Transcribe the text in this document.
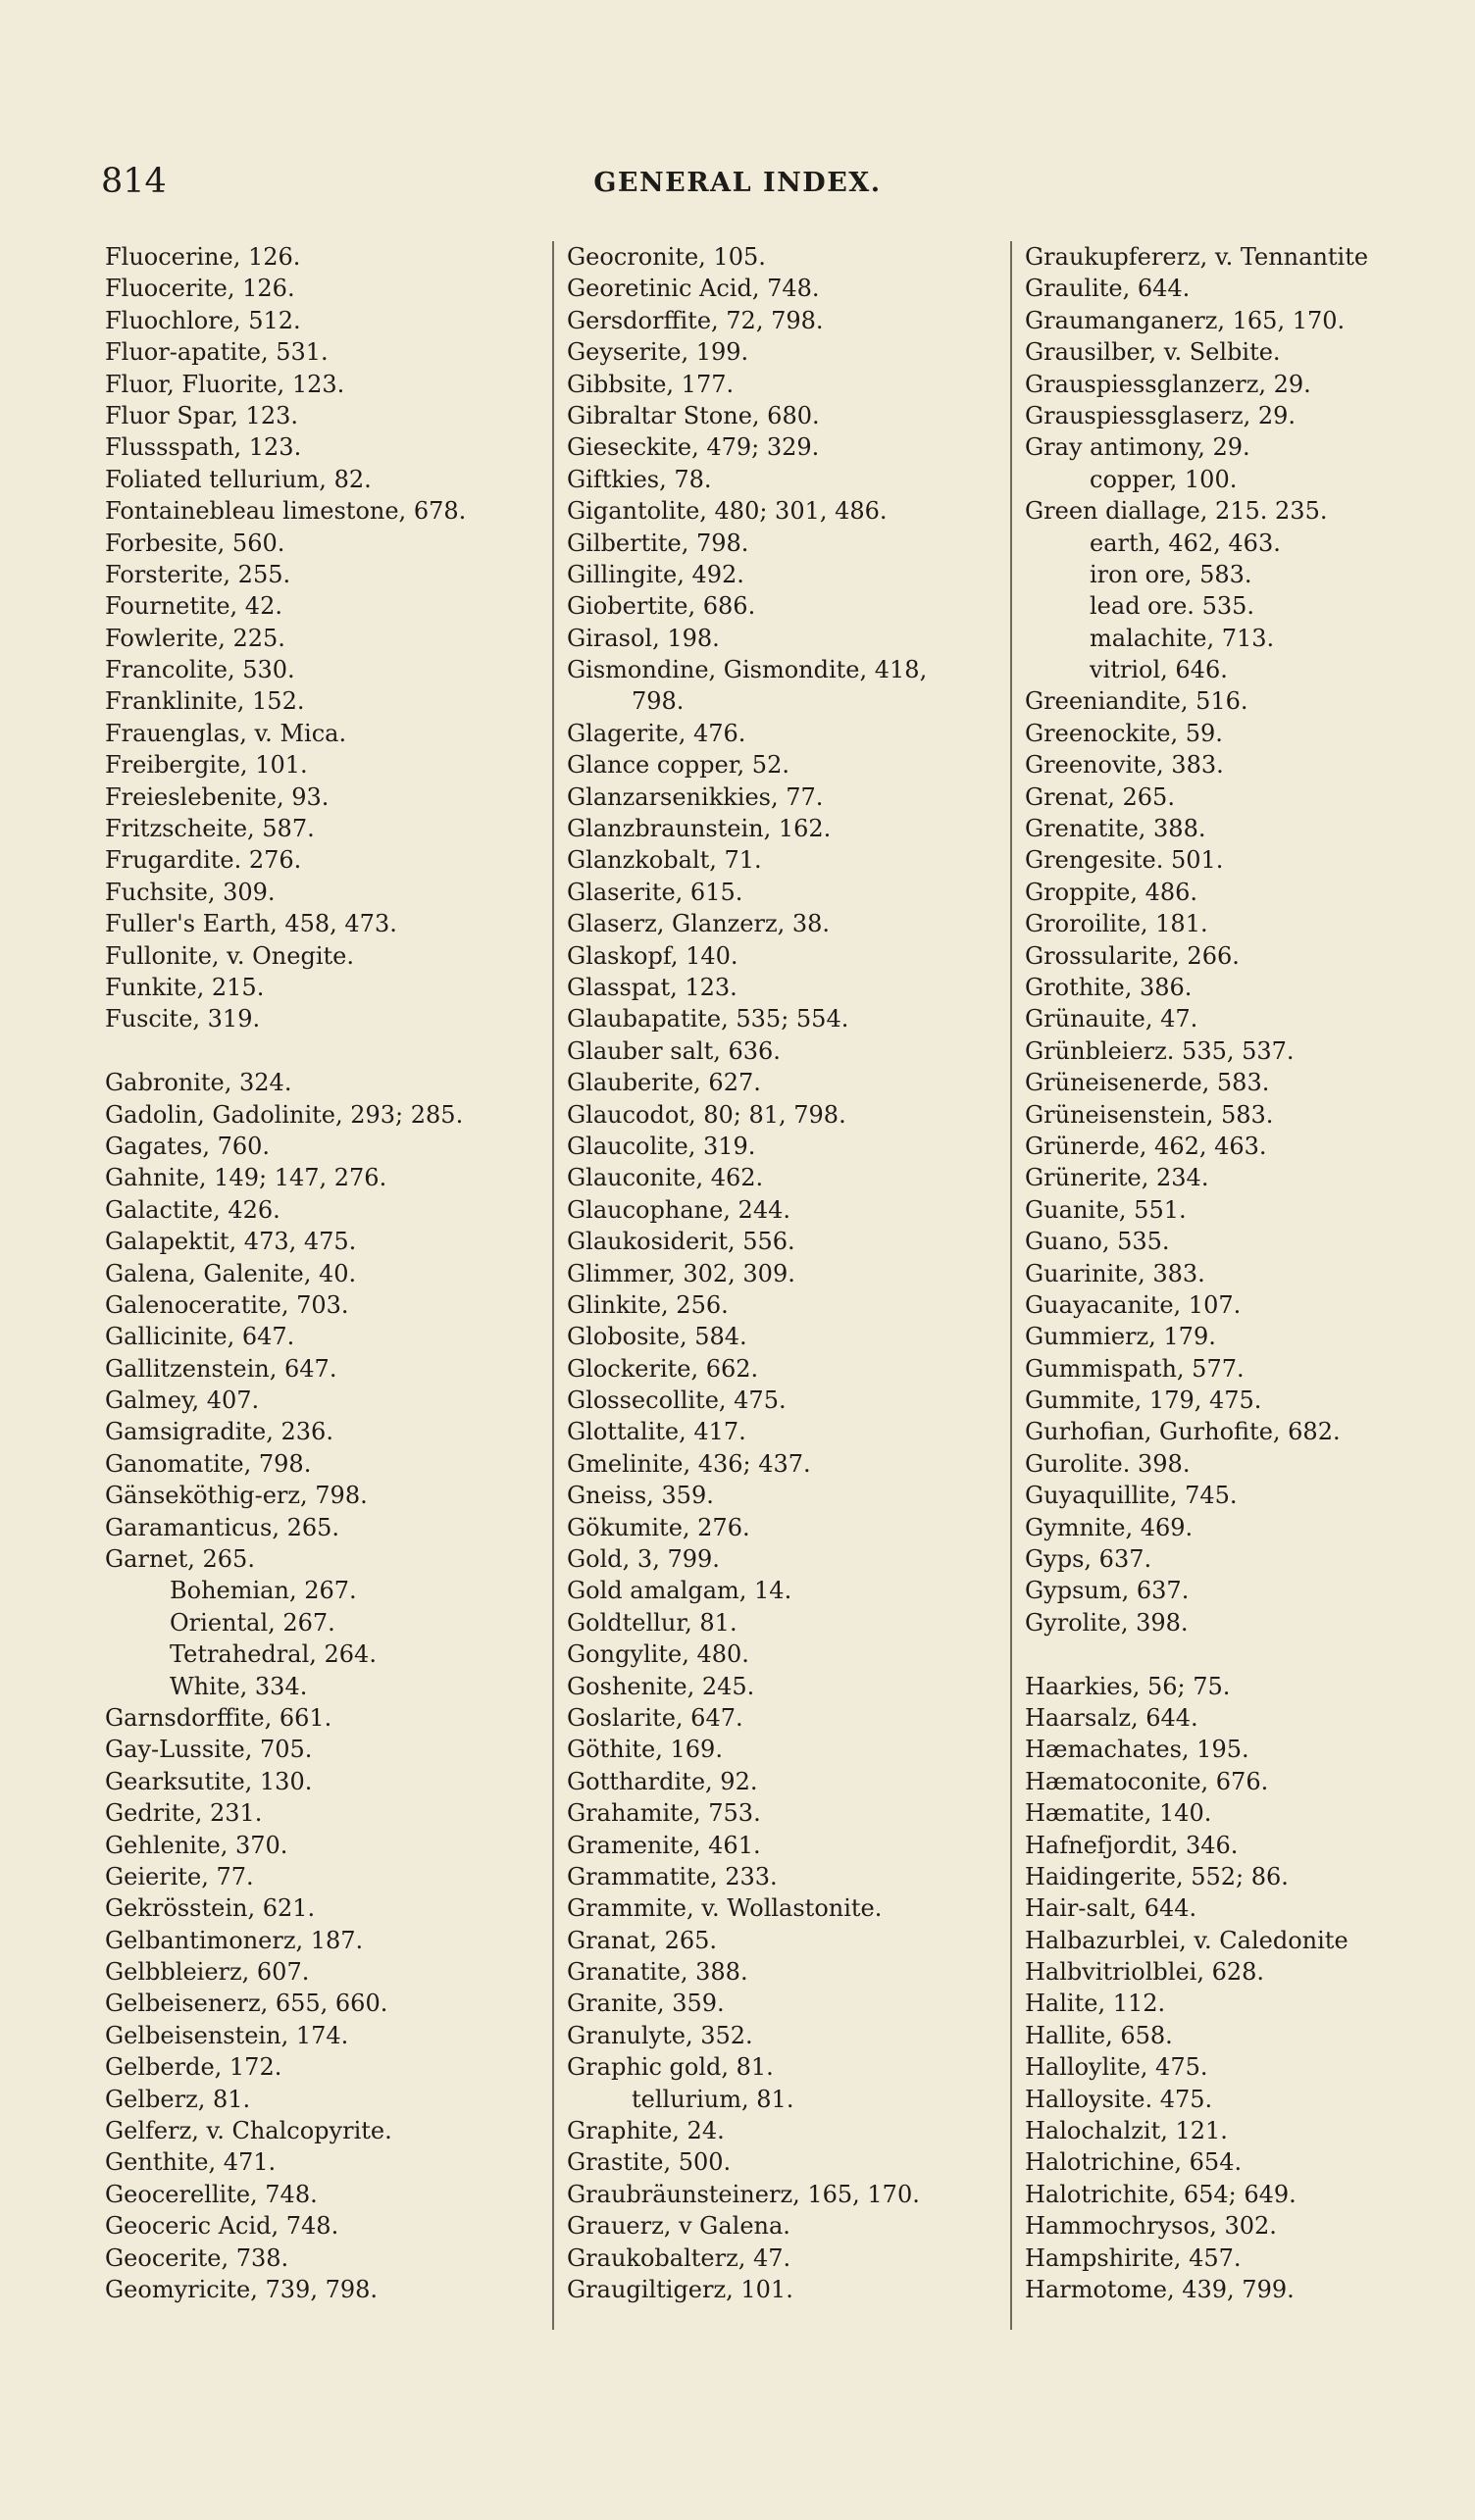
814	GENERAL INDEX.
Fluocerine, 126.
Fluocerite, 126.
Fluochlore, 512.
Fluor-apatite, 531.
Fluor, Fluorite, 123.
Fluor Spar, 123.
Flussspath, 123.
Foliated tellurium, 82.
Fontainebleau limestone, 678.
Forbesite, 560.
Forsterite, 255.
Fournetite, 42.
Fowlerite, 225.
Francolite, 530.
Franklinite, 152.
Frauenglas, v. Mica.
Freibergite, 101.
Freieslebenite, 93.
Fritzscheite, 587.
Frugardite. 276.
Fuchsite, 309.
Fuller's Earth, 458, 473.
Fullonite, v. Onegite.
Funkite, 215.
Fuscite, 319.
Gabronite, 324.
Gadolin, Gadolinite, 293; 285.
Gagates, 760.
Gahnite, 149; 147, 276.
Galactite, 426.
Galapektit, 473, 475.
Galena, Galenite, 40.
Galenoceratite, 703.
Gallicinite, 647.
Gallitzenstein, 647.
Galmey, 407.
Gamsigradite, 236.
Ganomatite, 798.
Gänseköthig-erz, 798.
Garamanticus, 265.
Garnet, 265.
Bohemian, 267.
Oriental, 267.
Tetrahedral, 264.
White, 334.
Garnsdorffite, 661.
Gay-Lussite, 705.
Gearksutite, 130.
Gedrite, 231.
Gehlenite, 370.
Geierite, 77.
Gekrösstein, 621.
Gelbantimonerz, 187.
Gelbbleierz, 607.
Gelbeisenerz, 655, 660.
Gelbeisenstein, 174.
Gelberde, 172.
Gelberz, 81.
Gelferz, v. Chalcopyrite.
Genthite, 471.
Geocerellite, 748.
Geoceric Acid, 748.
Geocerite, 738.
Geomyricite, 739, 798.
Geocronite, 105.
Georetinic Acid, 748.
Gersdorffite, 72, 798.
Geyserite, 199.
Gibbsite, 177.
Gibraltar Stone, 680.
Gieseckite, 479; 329.
Giftkies, 78.
Gigantolite, 480; 301, 486.
Gilbertite, 798.
Gillingite, 492.
Giobertite, 686.
Girasol, 198.
Gismondine, Gismondite, 418,
798.
Glagerite, 476.
Glance copper, 52.
Glanzarsenikkies, 77.
Glanzbraunstein, 162.
Glanzkobalt, 71.
Glaserite, 615.
Glaserz, Glanzerz, 38.
Glaskopf, 140.
Glasspat, 123.
Glaubapatite, 535; 554.
Glauber salt, 636.
Glauberite, 627.
Glaucodot, 80; 81, 798.
Glaucolite, 319.
Glauconite, 462.
Glaucophane, 244.
Glaukosiderit, 556.
Glimmer, 302, 309.
Glinkite, 256.
Globosite, 584.
Glockerite, 662.
Glossecollite, 475.
Glottalite, 417.
Gmelinite, 436; 437.
Gneiss, 359.
Gökumite, 276.
Gold, 3, 799.
Gold amalgam, 14.
Goldtellur, 81.
Gongylite, 480.
Goshenite, 245.
Goslarite, 647.
Göthite, 169.
Gotthardite, 92.
Grahamite, 753.
Gramenite, 461.
Grammatite, 233.
Grammite, v. Wollastonite.
Granat, 265.
Granatite, 388.
Granite, 359.
Granulyte, 352.
Graphic gold, 81.
tellurium, 81.
Graphite, 24.
Grastite, 500.
Graubräunsteinerz, 165, 170.
Grauerz, v Galena.
Graukobalterz, 47.
Graugiltigerz, 101.
Graukupfererz, v. Tennantite
Graulite, 644.
Graumanganerz, 165, 170.
Grausilber, v. Selbite.
Grauspiessglanzerz, 29.
Grauspiessglaserz, 29.
Gray antimony, 29.
copper, 100.
Green diallage, 215. 235.
earth, 462, 463.
iron ore, 583.
lead ore. 535.
malachite, 713.
vitriol, 646.
Greeniandite, 516.
Greenockite, 59.
Greenovite, 383.
Grenat, 265.
Grenatite, 388.
Grengesite. 501.
Groppite, 486.
Groroilite, 181.
Grossularite, 266.
Grothite, 386.
Grünauite, 47.
Grünbleierz. 535, 537.
Grüneisenerde, 583.
Grüneisenstein, 583.
Grünerde, 462, 463.
Grünerite, 234.
Guanite, 551.
Guano, 535.
Guarinite, 383.
Guayacanite, 107.
Gummierz, 179.
Gummispath, 577.
Gummite, 179, 475.
Gurhofian, Gurhofite, 682.
Gurolite. 398.
Guyaquillite, 745.
Gymnite, 469.
Gyps, 637.
Gypsum, 637.
Gyrolite, 398.
Haarkies, 56; 75.
Haarsalz, 644.
Hæmachates, 195.
Hæmatoconite, 676.
Hæmatite, 140.
Hafnefjordit, 346.
Haidingerite, 552; 86.
Hair-salt, 644.
Halbazurblei, v. Caledonite
Halbvitriolblei, 628.
Halite, 112.
Hallite, 658.
Halloylite, 475.
Halloysite. 475.
Halochalzit, 121.
Halotrichine, 654.
Halotrichite, 654; 649.
Hammochrysos, 302.
Hampshirite, 457.
Harmotome, 439, 799.
